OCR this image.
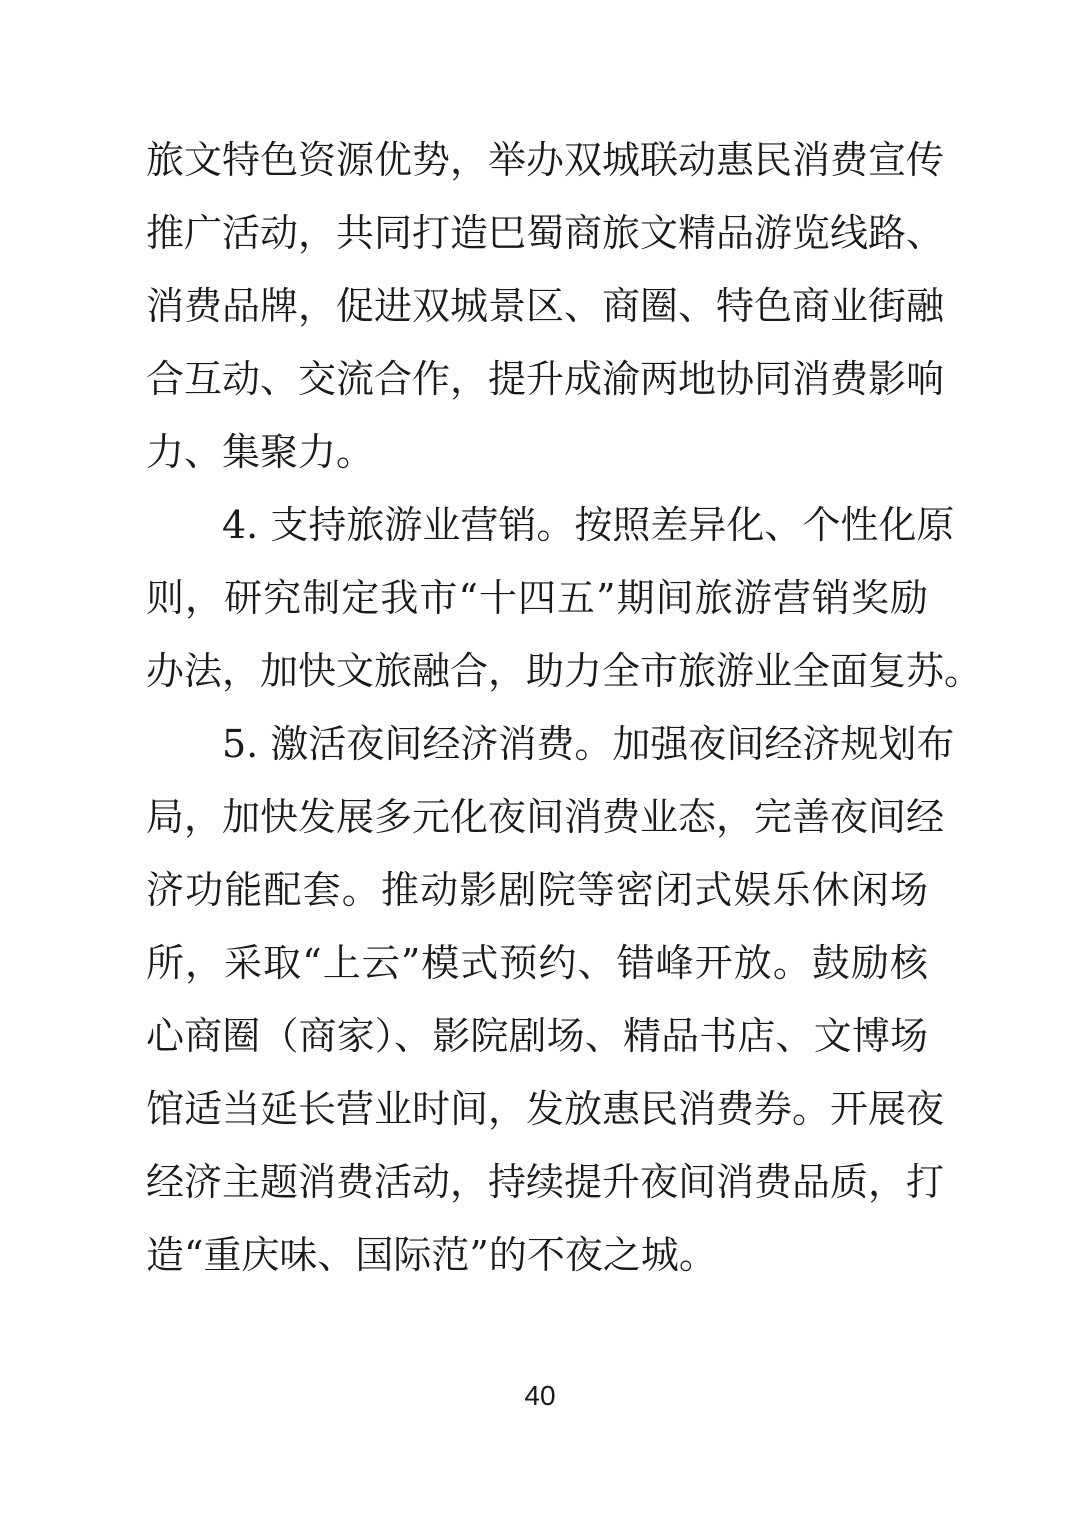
旅文特色资源优势，举办双城联动惠民消费宣传
推广活动，共同打造巴蜀商旅文精品游览线路、
消费品牌，促进双城景区、商圈、特色商业街融
合互动、交流合作，提升成渝两地协同消费影响
力、集聚力。
4. 支持旅游业营销。按照差异化、个性化原
则，研究制定我市“十四五”期间旅游营销奖励
办法，加快文旅融合，助力全市旅游业全面复苏。
5. 激活夜间经济消费。加强夜间经济规划布
局，加快发展多元化夜间消费业态，完善夜间经
济功能配套。推动影剧院等密闭式娱乐休闲场
所，采取“上云”模式预约、错峰开放。鼓励核
心商圈（商家）、影院剧场、精品书店、文博场
馆适当延长营业时间，发放惠民消费券。开展夜
经济主题消费活动，持续提升夜间消费品质，打
造“重庆味、国际范”的不夜之城。
40
